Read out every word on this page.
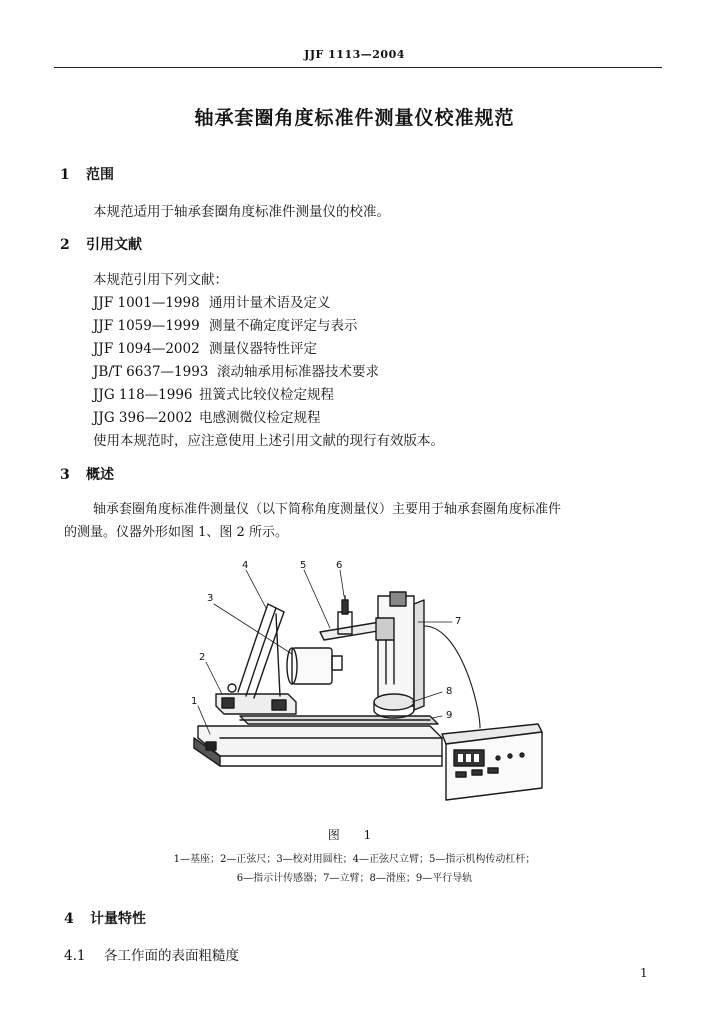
JJF 1113—2004
轴承套圈角度标准件测量仪校准规范
1 范围
本规范适用于轴承套圈角度标准件测量仪的校准。
2 引用文献
本规范引用下列文献：
JJF 1001—1998 通用计量术语及定义
JJF 1059—1999 测量不确定度评定与表示
JJF 1094—2002 测量仪器特性评定
JB/T 6637—1993 滚动轴承用标准器技术要求
JJG 118—1996 扭簧式比较仪检定规程
JJG 396—2002 电感测微仪检定规程
使用本规范时，应注意使用上述引用文献的现行有效版本。
3 概述
轴承套圈角度标准件测量仪（以下简称角度测量仪）主要用于轴承套圈角度标准件
的测量。仪器外形如图 1、图 2 所示。
1
2
3
4	5	6
7
8
9
图 1
1—基座；2—正弦尺；3—校对用圆柱；4—正弦尺立臂；5—指示机构传动杠杆；
6—指示计传感器；7—立臂；8—滑座；9—平行导轨
4 计量特性
4.1 各工作面的表面粗糙度
1
